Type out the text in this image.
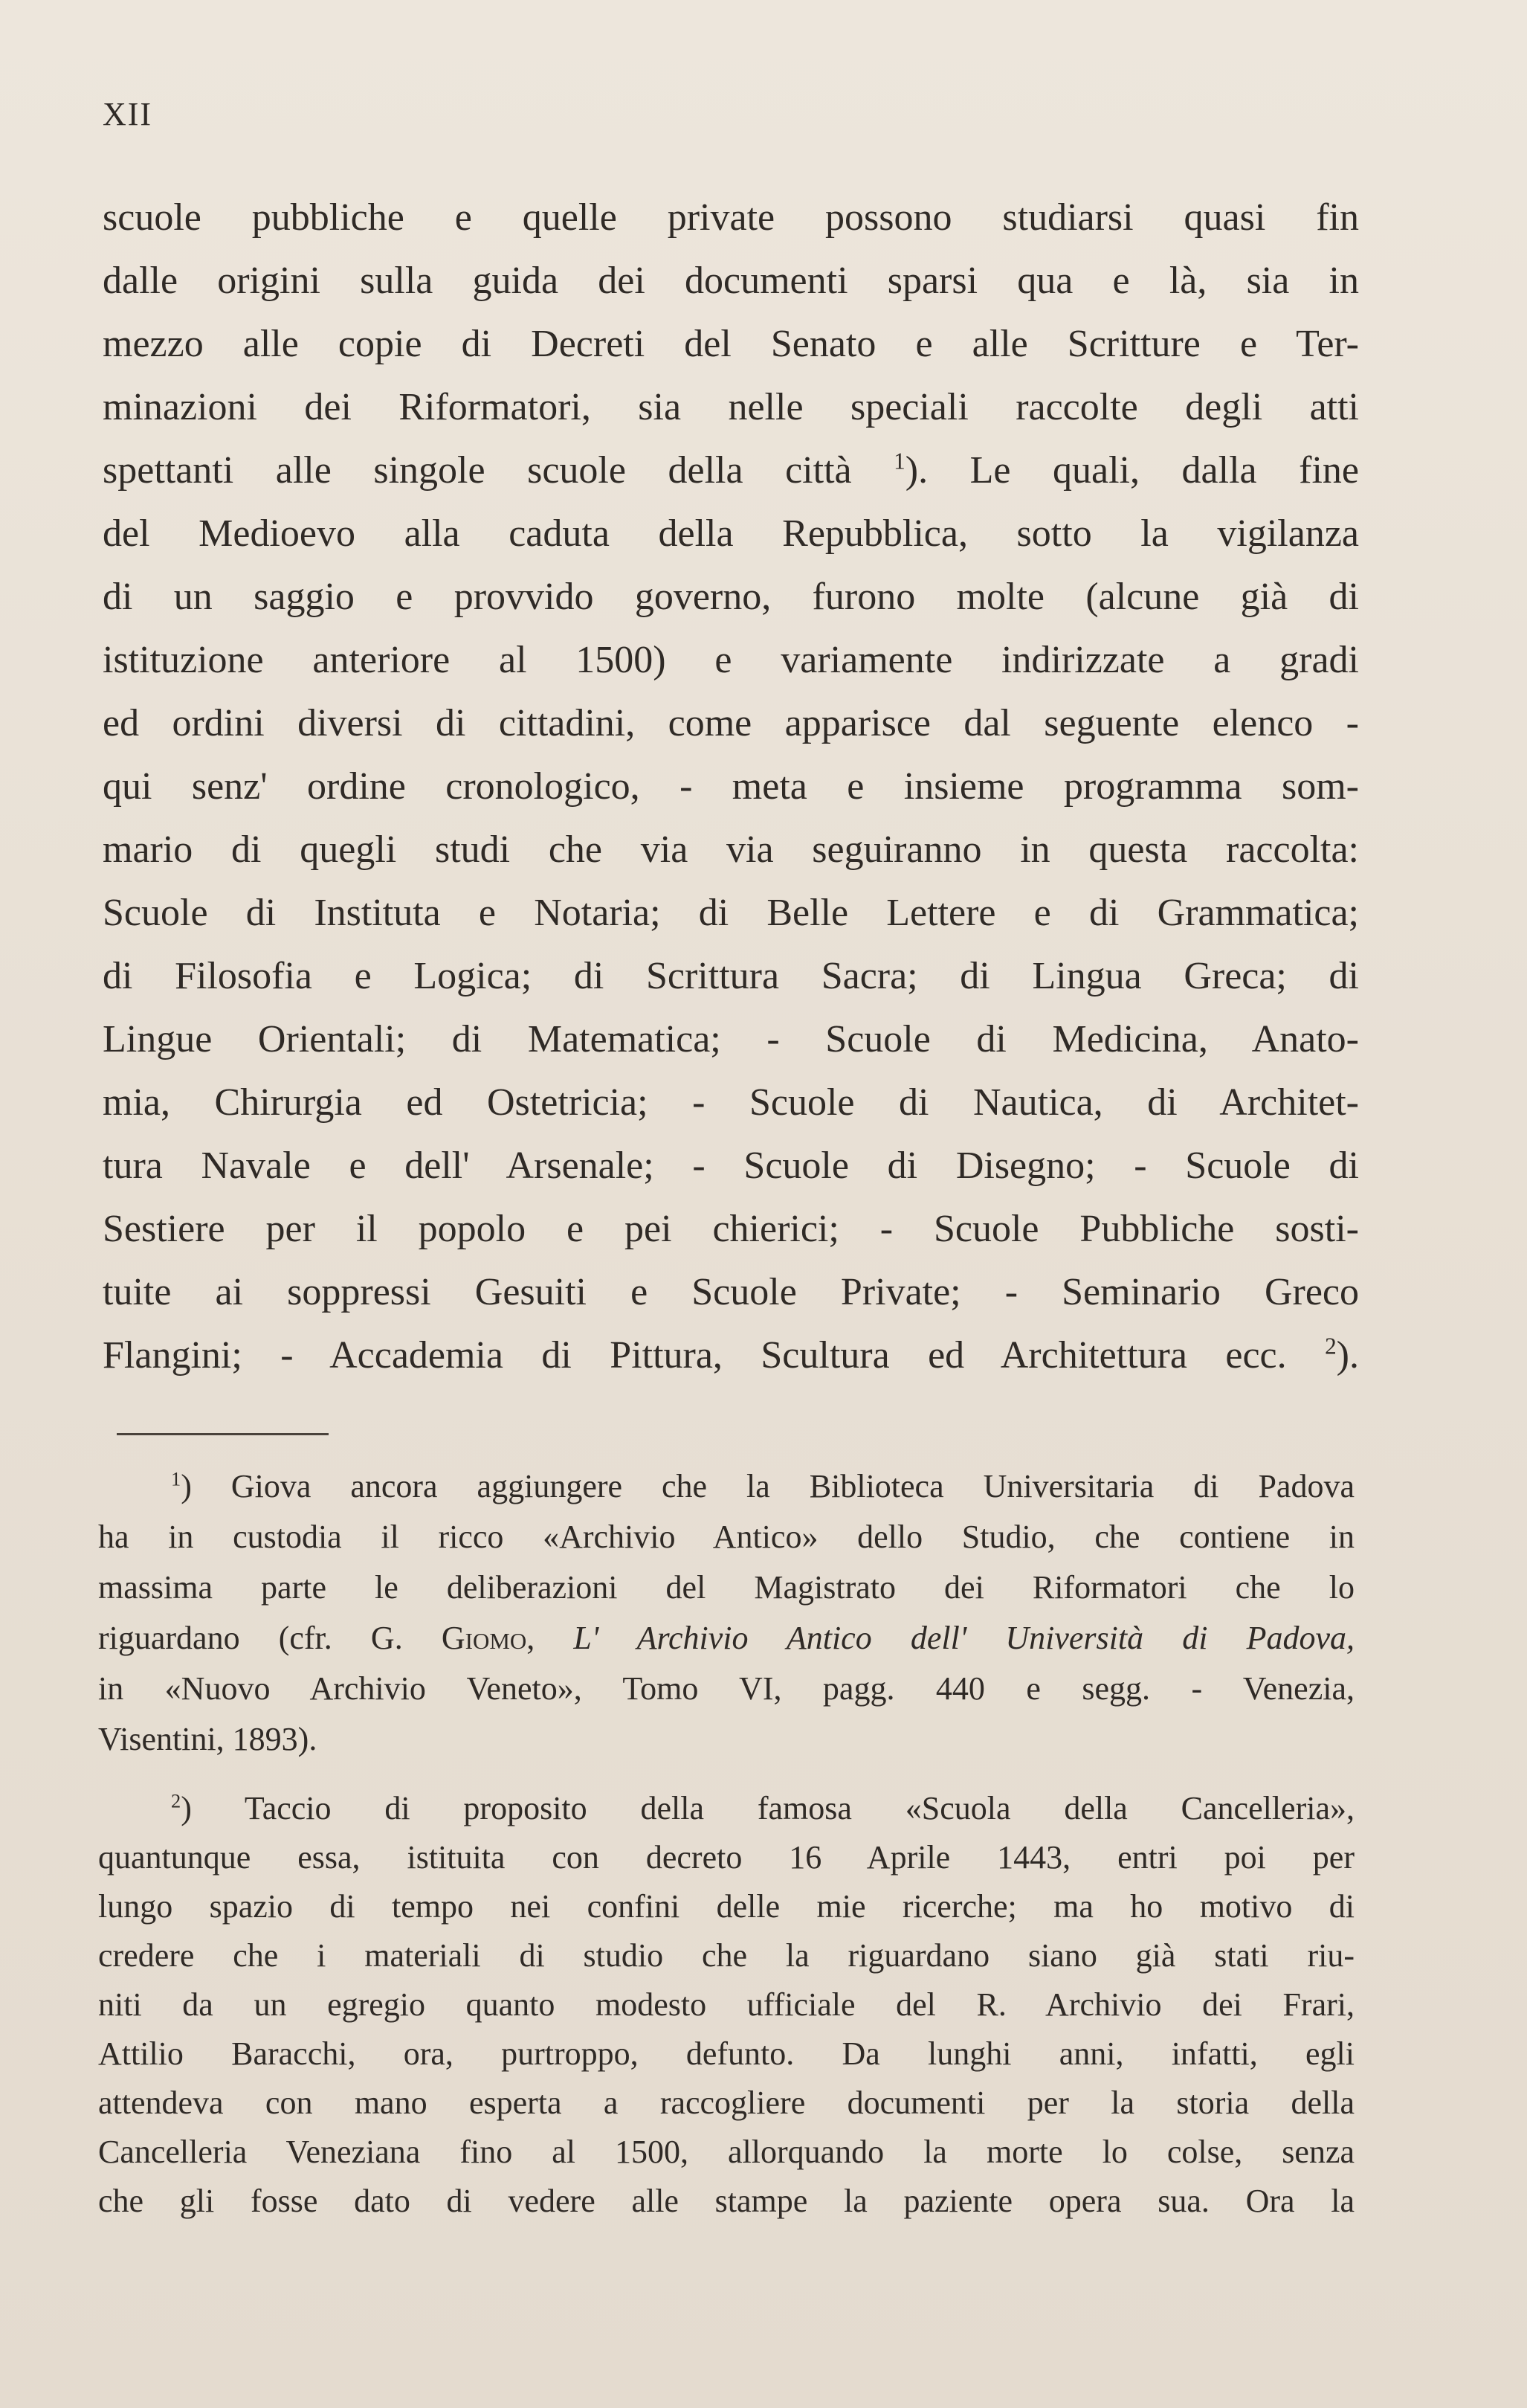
XII
scuole pubbliche e quelle private possono studiarsi quasi fin
dalle origini sulla guida dei documenti sparsi qua e là, sia in
mezzo alle copie di Decreti del Senato e alle Scritture e Ter-
minazioni dei Riformatori, sia nelle speciali raccolte degli atti
spettanti alle singole scuole della città $^1$). Le quali, dalla fine
del Medioevo alla caduta della Repubblica, sotto la vigilanza
di un saggio e provvido governo, furono molte (alcune già di
istituzione anteriore al 1500) e variamente indirizzate a gradi
ed ordini diversi di cittadini, come apparisce dal seguente elenco -
qui senz' ordine cronologico, - meta e insieme programma som-
mario di quegli studi che via via seguiranno in questa raccolta:
Scuole di Instituta e Notaria; di Belle Lettere e di Grammatica;
di Filosofia e Logica; di Scrittura Sacra; di Lingua Greca; di
Lingue Orientali; di Matematica; - Scuole di Medicina, Anato-
mia, Chirurgia ed Ostetricia; - Scuole di Nautica, di Architet-
tura Navale e dell' Arsenale; - Scuole di Disegno; - Scuole di
Sestiere per il popolo e pei chierici; - Scuole Pubbliche sosti-
tuite ai soppressi Gesuiti e Scuole Private; - Seminario Greco
Flangini; - Accademia di Pittura, Scultura ed Architettura ecc. $^2$).
$^1$) Giova ancora aggiungere che la Biblioteca Universitaria di Padova
ha in custodia il ricco «Archivio Antico» dello Studio, che contiene in
massima parte le deliberazioni del Magistrato dei Riformatori che lo
riguardano (cfr. G. Giomo, L' Archivio Antico dell' Università di Padova,
in «Nuovo Archivio Veneto», Tomo VI, pagg. 440 e segg. - Venezia,
Visentini, 1893).
$^2$) Taccio di proposito della famosa «Scuola della Cancelleria»,
quantunque essa, istituita con decreto 16 Aprile 1443, entri poi per
lungo spazio di tempo nei confini delle mie ricerche; ma ho motivo di
credere che i materiali di studio che la riguardano siano già stati riu-
niti da un egregio quanto modesto ufficiale del R. Archivio dei Frari,
Attilio Baracchi, ora, purtroppo, defunto. Da lunghi anni, infatti, egli
attendeva con mano esperta a raccogliere documenti per la storia della
Cancelleria Veneziana fino al 1500, allorquando la morte lo colse, senza
che gli fosse dato di vedere alle stampe la paziente opera sua. Ora la
